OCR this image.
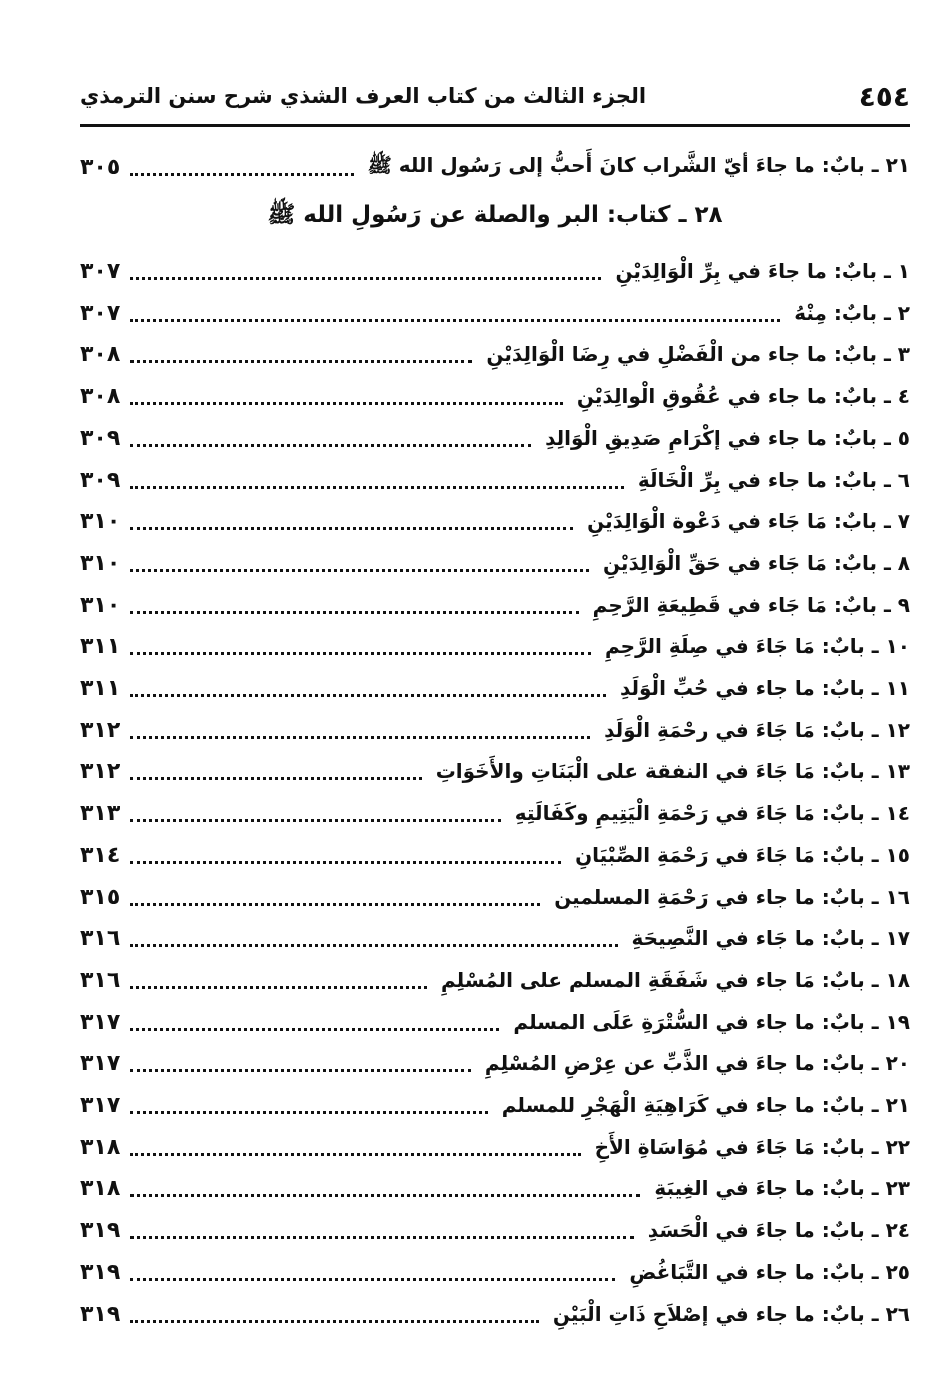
٤٥٤
الجزء الثالث من كتاب العرف الشذي شرح سنن الترمذي
٢١ ـ بابٌ: ما جاءَ أيّ الشَّراب كانَ أَحبُّ إلى رَسُول الله ﷺ
٣٠٥
٢٨ ـ كتاب: البر والصلة عن رَسُولِ الله ﷺ
١ ـ بابٌ: ما جاءَ في بِرِّ الْوَالِدَيْنِ
٣٠٧
٢ ـ بابٌ: مِنْهُ
٣٠٧
٣ ـ بابٌ: ما جاء من الْفَضْلِ في رِضَا الْوَالِدَيْنِ
٣٠٨
٤ ـ بابٌ: ما جاء في عُقُوقِ الْوالِدَيْنِ
٣٠٨
٥ ـ بابٌ: ما جاء في إكْرَامِ صَدِيقِ الْوَالِدِ
٣٠٩
٦ ـ بابٌ: ما جاء في بِرِّ الْخَالَةِ
٣٠٩
٧ ـ بابٌ: مَا جَاء في دَعْوة الْوَالِدَيْنِ
٣١٠
٨ ـ بابٌ: مَا جَاء في حَقِّ الْوَالِدَيْنِ
٣١٠
٩ ـ بابٌ: مَا جَاء في قَطِيعَةِ الرَّحِمِ
٣١٠
١٠ ـ بابٌ: مَا جَاءَ في صِلَةِ الرَّحِمِ
٣١١
١١ ـ بابٌ: ما جاء في حُبِّ الْوَلَدِ
٣١١
١٢ ـ بابٌ: مَا جَاءَ في رحْمَةِ الْوَلَدِ
٣١٢
١٣ ـ بابٌ: مَا جَاءَ في النفقة على الْبَنَاتِ والأَخَوَاتِ
٣١٢
١٤ ـ بابٌ: مَا جَاءَ في رَحْمَةِ الْيَتِيمِ وكَفَالَتِهِ
٣١٣
١٥ ـ بابٌ: مَا جَاءَ في رَحْمَةِ الصِّبْيَانِ
٣١٤
١٦ ـ بابٌ: ما جاء في رَحْمَةِ المسلمين
٣١٥
١٧ ـ بابٌ: ما جَاء في النَّصِيحَةِ
٣١٦
١٨ ـ بابٌ: مَا جاء في شَفَقَةِ المسلم على المُسْلِمِ
٣١٦
١٩ ـ بابٌ: ما جاء في السُّتْرَةِ عَلَى المسلم
٣١٧
٢٠ ـ بابٌ: ما جاءَ في الذَّبِّ عن عِرْضِ المُسْلِمِ
٣١٧
٢١ ـ بابٌ: ما جاء في كَرَاهِيَةِ الْهَجْرِ للمسلم
٣١٧
٢٢ ـ بابٌ: مَا جَاءَ في مُوَاسَاةِ الأَخِ
٣١٨
٢٣ ـ بابٌ: ما جاءَ في الغِيبَةِ
٣١٨
٢٤ ـ بابٌ: ما جاءَ في الْحَسَدِ
٣١٩
٢٥ ـ بابٌ: ما جاء في التَّبَاغُضِ
٣١٩
٢٦ ـ بابٌ: ما جاء في إصْلاَحِ ذَاتِ الْبَيْنِ
٣١٩
